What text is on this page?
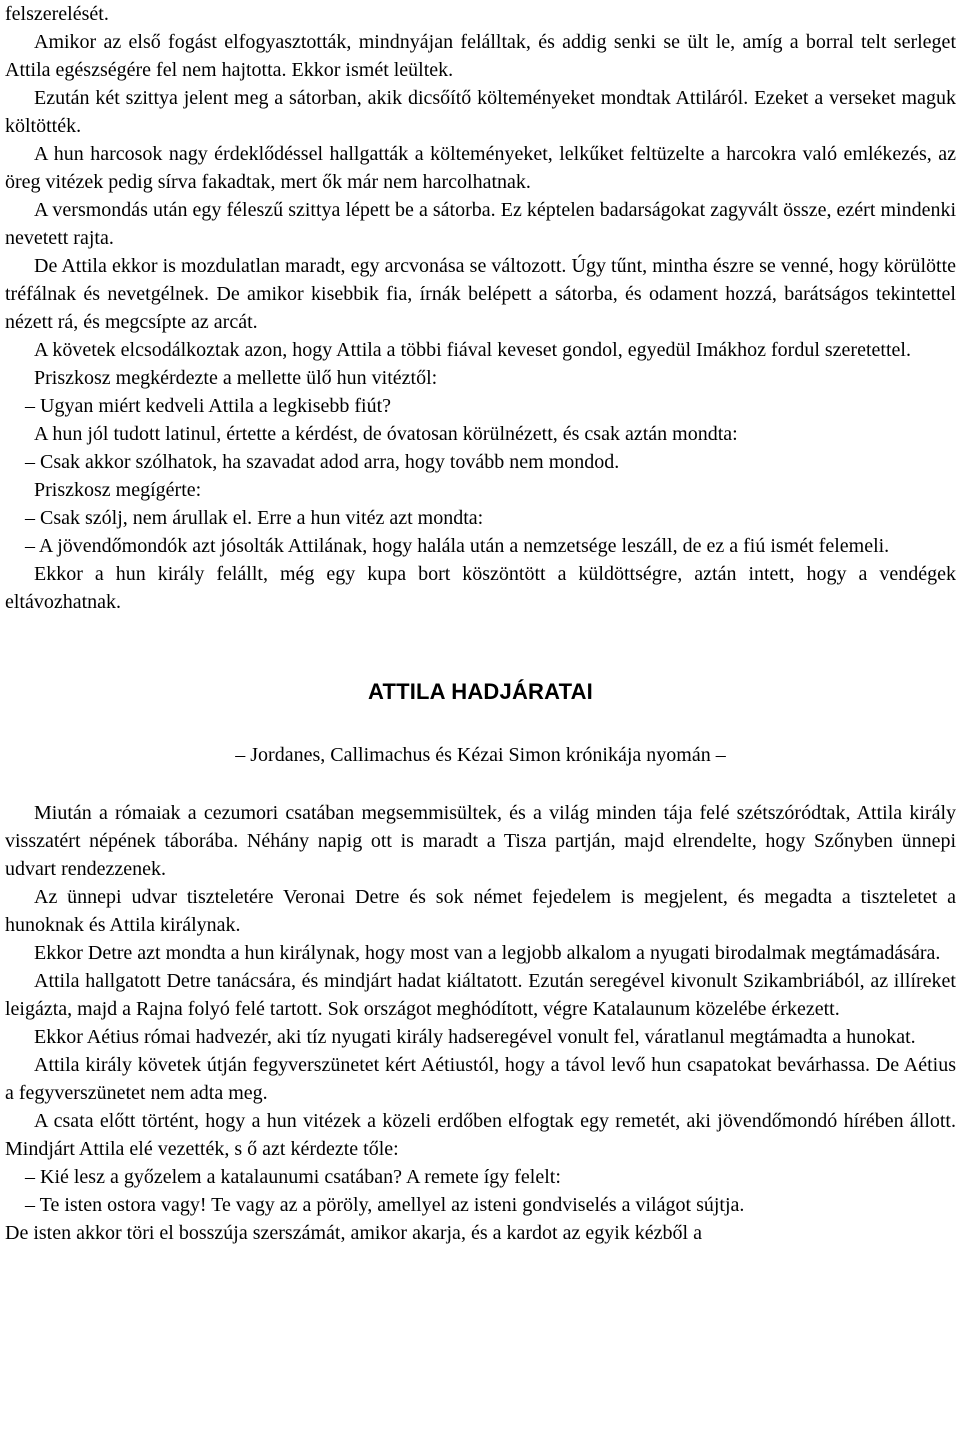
felszerelését.

Amikor az első fogást elfogyasztották, mindnyájan felálltak, és addig senki se ült le, amíg a borral telt serleget Attila egészségére fel nem hajtotta. Ekkor ismét leültek.

Ezután két szittya jelent meg a sátorban, akik dicsőítő költeményeket mondtak Attiláról. Ezeket a verseket maguk költötték.

A hun harcosok nagy érdeklődéssel hallgatták a költeményeket, lelkűket feltüzelte a harcokra való emlékezés, az öreg vitézek pedig sírva fakadtak, mert ők már nem harcolhatnak.

A versmondás után egy féleszű szittya lépett be a sátorba. Ez képtelen badarságokat zagyvált össze, ezért mindenki nevetett rajta.

De Attila ekkor is mozdulatlan maradt, egy arcvonása se változott. Úgy tűnt, mintha észre se venné, hogy körülötte tréfálnak és nevetgélnek. De amikor kisebbik fia, írnák belépett a sátorba, és odament hozzá, barátságos tekintettel nézett rá, és megcsípte az arcát.

A követek elcsodálkoztak azon, hogy Attila a többi fiával keveset gondol, egyedül Imákhoz fordul szeretettel.

Priszkosz megkérdezte a mellette ülő hun vitéztől:

– Ugyan miért kedveli Attila a legkisebb fiút?

A hun jól tudott latinul, értette a kérdést, de óvatosan körülnézett, és csak aztán mondta:

– Csak akkor szólhatok, ha szavadat adod arra, hogy tovább nem mondod.

Priszkosz megígérte:

– Csak szólj, nem árullak el. Erre a hun vitéz azt mondta:

– A jövendőmondók azt jósolták Attilának, hogy halála után a nemzetsége leszáll, de ez a fiú ismét felemeli.

Ekkor a hun király felállt, még egy kupa bort köszöntött a küldöttségre, aztán intett, hogy a vendégek eltávozhatnak.

ATTILA HADJÁRATAI
– Jordanes, Callimachus és Kézai Simon krónikája nyomán –

Miután a rómaiak a cezumori csatában megsemmisültek, és a világ minden tája felé szétszóródtak, Attila király visszatért népének táborába. Néhány napig ott is maradt a Tisza partján, majd elrendelte, hogy Szőnyben ünnepi udvart rendezzenek.

Az ünnepi udvar tiszteletére Veronai Detre és sok német fejedelem is megjelent, és megadta a tiszteletet a hunoknak és Attila királynak.

Ekkor Detre azt mondta a hun királynak, hogy most van a legjobb alkalom a nyugati birodalmak megtámadására.

Attila hallgatott Detre tanácsára, és mindjárt hadat kiáltatott. Ezután seregével kivonult Szikambriából, az illíreket leigázta, majd a Rajna folyó felé tartott. Sok országot meghódított, végre Katalaunum közelébe érkezett.

Ekkor Aétius római hadvezér, aki tíz nyugati király hadseregével vonult fel, váratlanul megtámadta a hunokat.

Attila király követek útján fegyverszünetet kért Aétiustól, hogy a távol levő hun csapatokat bevárhassa. De Aétius a fegyverszünetet nem adta meg.

A csata előtt történt, hogy a hun vitézek a közeli erdőben elfogtak egy remetét, aki jövendőmondó hírében állott. Mindjárt Attila elé vezették, s ő azt kérdezte tőle:

– Kié lesz a győzelem a katalaunumi csatában? A remete így felelt:

– Te isten ostora vagy! Te vagy az a pöröly, amellyel az isteni gondviselés a világot sújtja.

De isten akkor töri el bosszúja szerszámát, amikor akarja, és a kardot az egyik kézből a
